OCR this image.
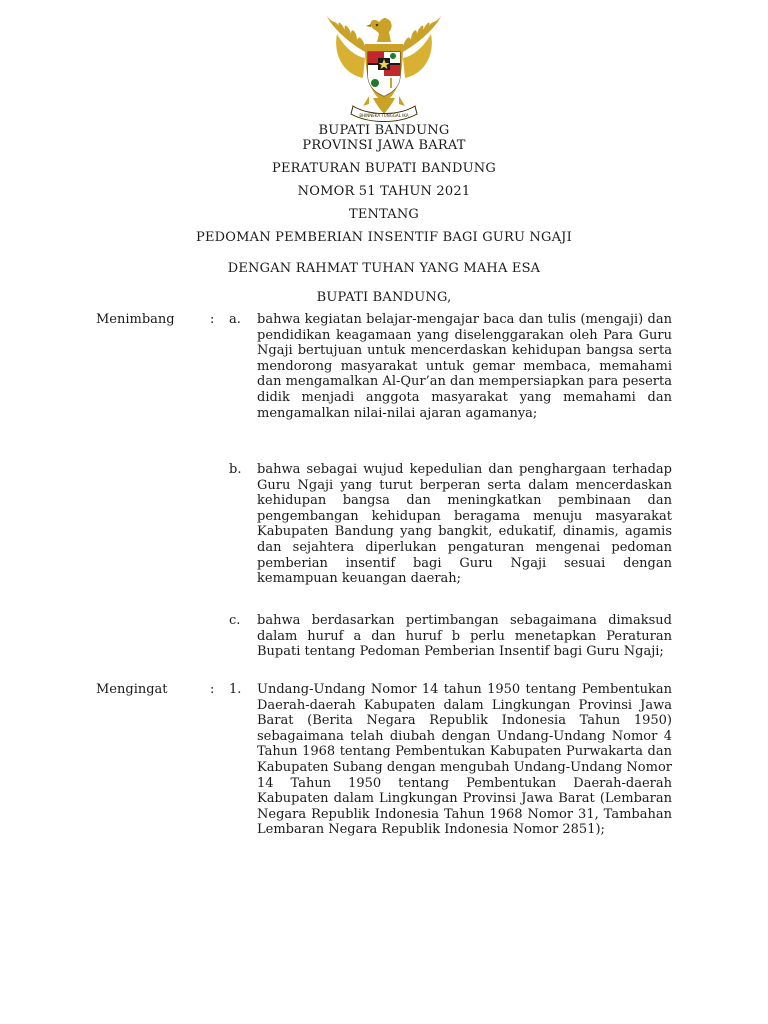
BHINNEKA TUNGGAL IKA
BUPATI BANDUNG
PROVINSI JAWA BARAT
PERATURAN BUPATI BANDUNG
NOMOR 51 TAHUN 2021
TENTANG
PEDOMAN PEMBERIAN INSENTIF BAGI GURU NGAJI
DENGAN RAHMAT TUHAN YANG MAHA ESA
BUPATI BANDUNG,
Menimbang	: a. bahwa kegiatan belajar-mengajar baca dan tulis (mengaji) dan pendidikan keagamaan yang diselenggarakan oleh Para Guru Ngaji bertujuan untuk mencerdaskan kehidupan bangsa serta mendorong masyarakat untuk gemar membaca, memahami dan mengamalkan Al-Qur’an dan mempersiapkan para peserta didik menjadi anggota masyarakat yang memahami dan mengamalkan nilai-nilai ajaran agamanya;
b. bahwa sebagai wujud kepedulian dan penghargaan terhadap Guru Ngaji yang turut berperan serta dalam mencerdaskan kehidupan bangsa dan meningkatkan pembinaan dan pengembangan kehidupan beragama menuju masyarakat Kabupaten Bandung yang bangkit, edukatif, dinamis, agamis dan sejahtera diperlukan pengaturan mengenai pedoman pemberian insentif bagi Guru Ngaji sesuai dengan kemampuan keuangan daerah;
c. bahwa berdasarkan pertimbangan sebagaimana dimaksud dalam huruf a dan huruf b perlu menetapkan Peraturan Bupati tentang Pedoman Pemberian Insentif bagi Guru Ngaji;
Mengingat	: 1. Undang-Undang Nomor 14 tahun 1950 tentang Pembentukan Daerah-daerah Kabupaten dalam Lingkungan Provinsi Jawa Barat (Berita Negara Republik Indonesia Tahun 1950) sebagaimana telah diubah dengan Undang-Undang Nomor 4 Tahun 1968 tentang Pembentukan Kabupaten Purwakarta dan Kabupaten Subang dengan mengubah Undang-Undang Nomor 14 Tahun 1950 tentang Pembentukan Daerah-daerah Kabupaten dalam Lingkungan Provinsi Jawa Barat (Lembaran Negara Republik Indonesia Tahun 1968 Nomor 31, Tambahan Lembaran Negara Republik Indonesia Nomor 2851);
